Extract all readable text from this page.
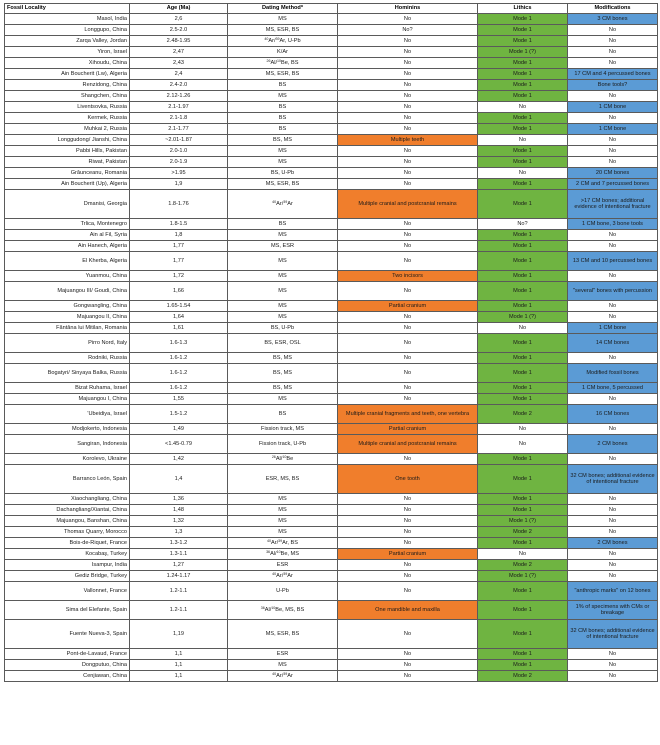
Fossil Locality	Age (Ma)	Dating Method*	Hominins	Lithics	Modifications
Masol, India	2,6	MS	No	Mode 1	3 CM bones
Longgupo, China	2.5-2.0	MS, ESR, BS	No?	Mode 1	No
Zarqa Valley, Jordan	2.48-1.95	$^{40}$Ar/$^{39}$Ar, U-Pb	No	Mode 1	No
Yiron, Israel	2,47	K/Ar	No	Mode 1 (?)	No
Xihoudu, China	2,43	$^{26}$Al/$^{10}$Be, BS	No	Mode 1	No
Ain Boucherit (Lw), Algeria	2,4	MS, ESR, BS	No	Mode 1	17 CM and 4 percussed bones
Renzidong, China	2.4-2.0	BS	No	Mode 1	Bone tools?
Shangchen, China	2.12-1.26	MS	No	Mode 1	No
Liventsovka, Russia	2.1-1.97	BS	No	No	1 CM bone
Kermek, Russia	2.1-1.8	BS	No	Mode 1	No
Muhkai 2, Russia	2.1-1.77	BS	No	Mode 1	1 CM bone
Longgudong/ Jianshi, China	~2.01-1.87	BS, MS	Multiple teeth	No	No
Pabbi Hills, Pakistan	2.0-1.0	MS	No	Mode 1	No
Riwat, Pakistan	2.0-1.9	MS	No	Mode 1	No
Grăunceanu, Romania	>1.95	BS, U-Pb	No	No	20 CM bones
Ain Boucherit (Up), Algeria	1,9	MS, ESR, BS	No	Mode 1	2 CM and 7 percussed bones
Dmanisi, Georgia	1.8-1.76	$^{40}$Ar/$^{39}$Ar	Multiple cranial and postcranial remains	Mode 1	>17 CM bones; additional evidence of intentional fracture
Trlica, Montenegro	1.8-1.5	BS	No	No?	1 CM bone, 3 bone tools
Ain al Fil, Syria	1,8	MS	No	Mode 1	No
Ain Hanech, Algeria	1,77	MS, ESR	No	Mode 1	No
El Kherba, Algeria	1,77	MS	No	Mode 1	13 CM and 10 percussed bones
Yuanmou, China	1,72	MS	Two incisors	Mode 1	No
Majuangou III/ Goudi, China	1,66	MS	No	Mode 1	"several" bones with percussion
Gongwangling, China	1.65-1.54	MS	Partial cranium	Mode 1	No
Majuangou II, China	1,64	MS	No	Mode 1 (?)	No
Făntâna lui Mitilan, Romania	1,61	BS, U-Pb	No	No	1 CM bone
Pirro Nord, Italy	1.6-1.3	BS, ESR, OSL	No	Mode 1	14 CM bones
Rodniki, Russia	1.6-1.2	BS, MS	No	Mode 1	No
Bogatyri/ Sinyaya Balka, Russia	1.6-1.2	BS, MS	No	Mode 1	Modified fossil bones
Bizat Ruhama, Israel	1.6-1.2	BS, MS	No	Mode 1	1 CM bone, 5 percussed
Majuangou I, China	1,55	MS	No	Mode 1	No
'Ubeidiya, Israel	1.5-1.2	BS	Multiple cranial fragments and teeth, one vertebra	Mode 2	16 CM bones
Modjokerto, Indonesia	1,49	Fission track, MS	Partial cranium	No	No
Sangiran, Indonesia	<1.45-0.79	Fission track, U-Pb	Multiple cranial and postcranial remains	No	2 CM bones
Korolevo, Ukraine	1,42	$^{26}$Al/$^{10}$Be	No	Mode 1	No
Barranco León, Spain	1,4	ESR, MS, BS	One tooth	Mode 1	32 CM bones; additional evidence of intentional fracture
Xiaochangliang, China	1,36	MS	No	Mode 1	No
Dachangliang/Xiantai, China	1,48	MS	No	Mode 1	No
Majuangou, Banshan, China	1,32	MS	No	Mode 1 (?)	No
Thomas Quarry, Morocco	1,3	MS	No	Mode 2	No
Bois-de-Riquet, France	1.3-1.2	$^{40}$Ar/$^{39}$Ar, BS	No	Mode 1	2 CM bones
Kocabaş, Turkey	1.3-1.1	$^{36}$Al/$^{10}$Be, MS	Partial cranium	No	No
Isampur, India	1,27	ESR	No	Mode 2	No
Gediz Bridge, Turkey	1.24-1.17	$^{40}$Ar/$^{39}$Ar	No	Mode 1 (?)	No
Vallonnet, France	1.2-1.1	U-Pb	No	Mode 1	"anthropic marks" on 12 bones
Sima del Elefante, Spain	1.2-1.1	$^{36}$Al/$^{10}$Be, MS, BS	One mandible and maxilla	Mode 1	1% of specimens with CMs or breakage
Fuente Nueva-3, Spain	1,19	MS, ESR, BS	No	Mode 1	32 CM bones; additional evidence of intentional fracture
Pont-de-Lavaud, France	1,1	ESR	No	Mode 1	No
Dongputuo, China	1,1	MS	No	Mode 1	No
Cenjiawan, China	1,1	$^{40}$Ar/$^{39}$Ar	No	Mode 2	No
